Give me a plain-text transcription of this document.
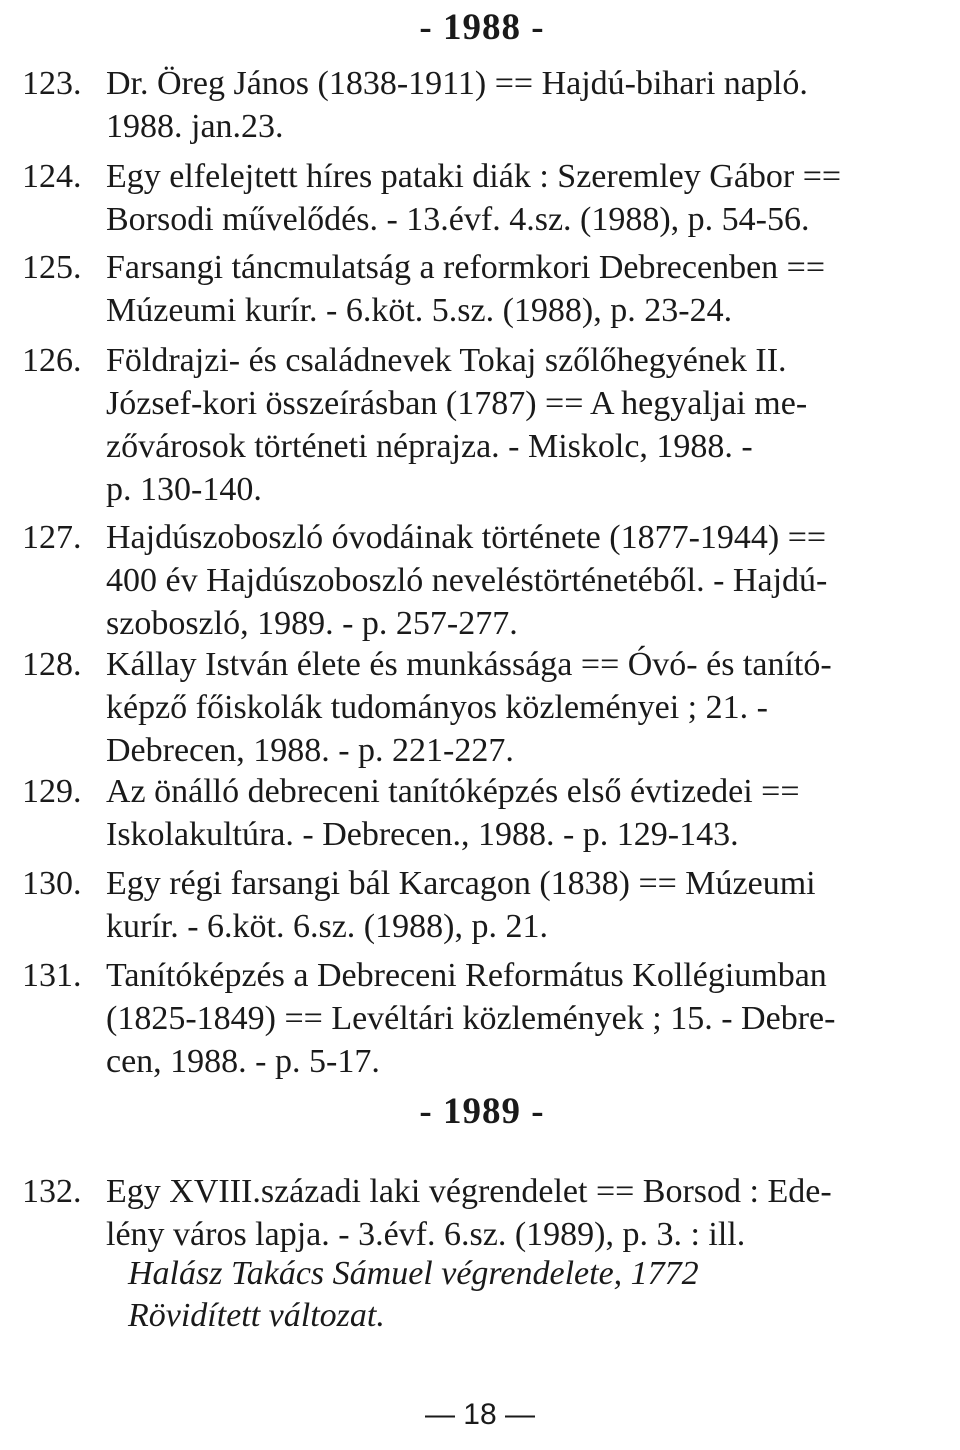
- 1988 -
123. Dr. Öreg János (1838-1911) == Hajdú-bihari napló.
1988. jan.23.
124. Egy elfelejtett híres pataki diák : Szeremley Gábor ==
Borsodi művelődés. - 13.évf. 4.sz. (1988), p. 54-56.
125. Farsangi táncmulatság a reformkori Debrecenben ==
Múzeumi kurír. - 6.köt. 5.sz. (1988), p. 23-24.
126. Földrajzi- és családnevek Tokaj szőlőhegyének II.
József-kori összeírásban (1787) == A hegyaljai me-
zővárosok történeti néprajza. - Miskolc, 1988. -
p. 130-140.
127. Hajdúszoboszló óvodáinak története (1877-1944) ==
400 év Hajdúszoboszló neveléstörténetéből. - Hajdú-
szoboszló, 1989. - p. 257-277.
128. Kállay István élete és munkássága == Óvó- és tanító-
képző főiskolák tudományos közleményei ; 21. -
Debrecen, 1988. - p. 221-227.
129. Az önálló debreceni tanítóképzés első évtizedei ==
Iskolakultúra. - Debrecen., 1988. - p. 129-143.
130. Egy régi farsangi bál Karcagon (1838) == Múzeumi
kurír. - 6.köt. 6.sz. (1988), p. 21.
131. Tanítóképzés a Debreceni Református Kollégiumban
(1825-1849) == Levéltári közlemények ; 15. - Debre-
cen, 1988. - p. 5-17.
- 1989 -
132. Egy XVIII.századi laki végrendelet == Borsod : Ede-
lény város lapja. - 3.évf. 6.sz. (1989), p. 3. : ill.
Halász Takács Sámuel végrendelete, 1772
Rövidített változat.
— 18 —
